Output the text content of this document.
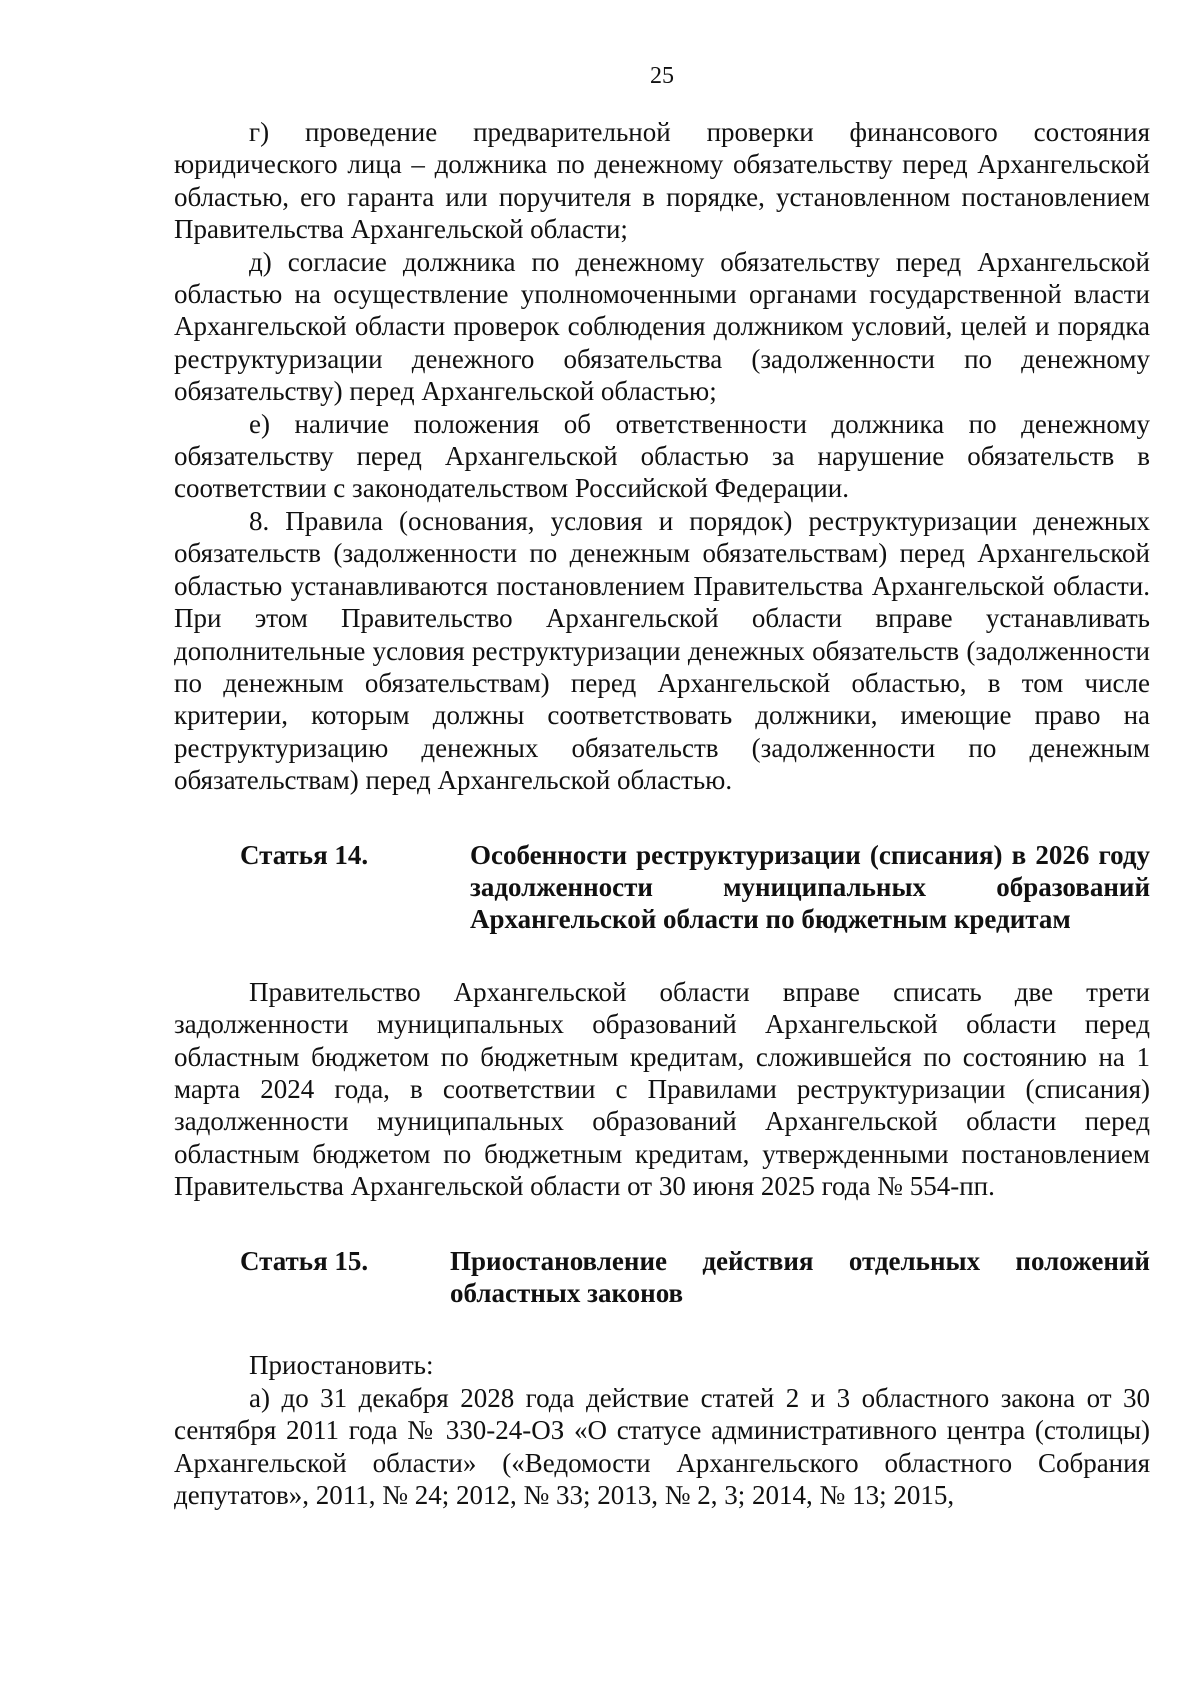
25

г) проведение предварительной проверки финансового состояния юридического лица – должника по денежному обязательству перед Архангельской областью, его гаранта или поручителя в порядке, установленном постановлением Правительства Архангельской области;

д) согласие должника по денежному обязательству перед Архангельской областью на осуществление уполномоченными органами государственной власти Архангельской области проверок соблюдения должником условий, целей и порядка реструктуризации денежного обязательства (задолженности по денежному обязательству) перед Архангельской областью;

е) наличие положения об ответственности должника по денежному обязательству перед Архангельской областью за нарушение обязательств в соответствии с законодательством Российской Федерации.

8. Правила (основания, условия и порядок) реструктуризации денежных обязательств (задолженности по денежным обязательствам) перед Архангельской областью устанавливаются постановлением Правительства Архангельской области. При этом Правительство Архангельской области вправе устанавливать дополнительные условия реструктуризации денежных обязательств (задолженности по денежным обязательствам) перед Архангельской областью, в том числе критерии, которым должны соответствовать должники, имеющие право на реструктуризацию денежных обязательств (задолженности по денежным обязательствам) перед Архангельской областью.

Статья 14.	Особенности реструктуризации (списания) в 2026 году задолженности муниципальных образований Архангельской области по бюджетным кредитам

Правительство Архангельской области вправе списать две трети задолженности муниципальных образований Архангельской области перед областным бюджетом по бюджетным кредитам, сложившейся по состоянию на 1 марта 2024 года, в соответствии с Правилами реструктуризации (списания) задолженности муниципальных образований Архангельской области перед областным бюджетом по бюджетным кредитам, утвержденными постановлением Правительства Архангельской области от 30 июня 2025 года № 554-пп.

Статья 15.	Приостановление действия отдельных положений областных законов

Приостановить:

а) до 31 декабря 2028 года действие статей 2 и 3 областного закона от 30 сентября 2011 года № 330-24-ОЗ «О статусе административного центра (столицы) Архангельской области» («Ведомости Архангельского областного Собрания депутатов», 2011, № 24; 2012, № 33; 2013, № 2, 3; 2014, № 13; 2015,
